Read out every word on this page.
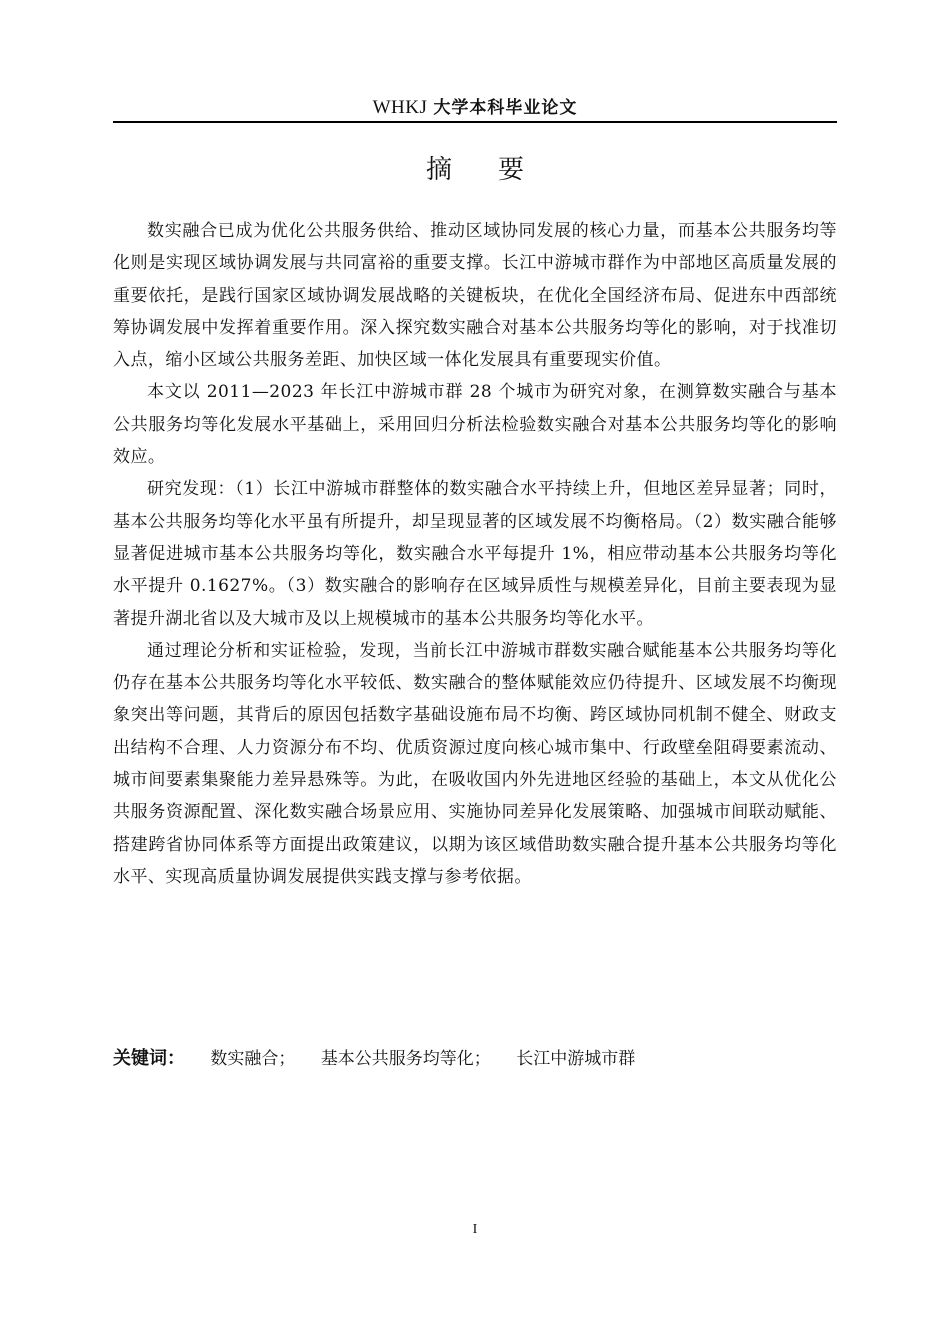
WHKJ 大学本科毕业论文
摘要

数实融合已成为优化公共服务供给、推动区域协同发展的核心力量，而基本公共服务均等化则是实现区域协调发展与共同富裕的重要支撑。长江中游城市群作为中部地区高质量发展的重要依托，是践行国家区域协调发展战略的关键板块，在优化全国经济布局、促进东中西部统筹协调发展中发挥着重要作用。深入探究数实融合对基本公共服务均等化的影响，对于找准切入点，缩小区域公共服务差距、加快区域一体化发展具有重要现实价值。

本文以 2011—2023 年长江中游城市群 28 个城市为研究对象，在测算数实融合与基本公共服务均等化发展水平基础上，采用回归分析法检验数实融合对基本公共服务均等化的影响效应。

研究发现：（1）长江中游城市群整体的数实融合水平持续上升，但地区差异显著；同时，基本公共服务均等化水平虽有所提升，却呈现显著的区域发展不均衡格局。（2）数实融合能够显著促进城市基本公共服务均等化，数实融合水平每提升 1%，相应带动基本公共服务均等化水平提升 0.1627%。（3）数实融合的影响存在区域异质性与规模差异化，目前主要表现为显著提升湖北省以及大城市及以上规模城市的基本公共服务均等化水平。

通过理论分析和实证检验，发现，当前长江中游城市群数实融合赋能基本公共服务均等化仍存在基本公共服务均等化水平较低、数实融合的整体赋能效应仍待提升、区域发展不均衡现象突出等问题，其背后的原因包括数字基础设施布局不均衡、跨区域协同机制不健全、财政支出结构不合理、人力资源分布不均、优质资源过度向核心城市集中、行政壁垒阻碍要素流动、城市间要素集聚能力差异悬殊等。为此，在吸收国内外先进地区经验的基础上，本文从优化公共服务资源配置、深化数实融合场景应用、实施协同差异化发展策略、加强城市间联动赋能、搭建跨省协同体系等方面提出政策建议，以期为该区域借助数实融合提升基本公共服务均等化水平、实现高质量协调发展提供实践支撑与参考依据。

关键词： 数实融合； 基本公共服务均等化； 长江中游城市群
I
